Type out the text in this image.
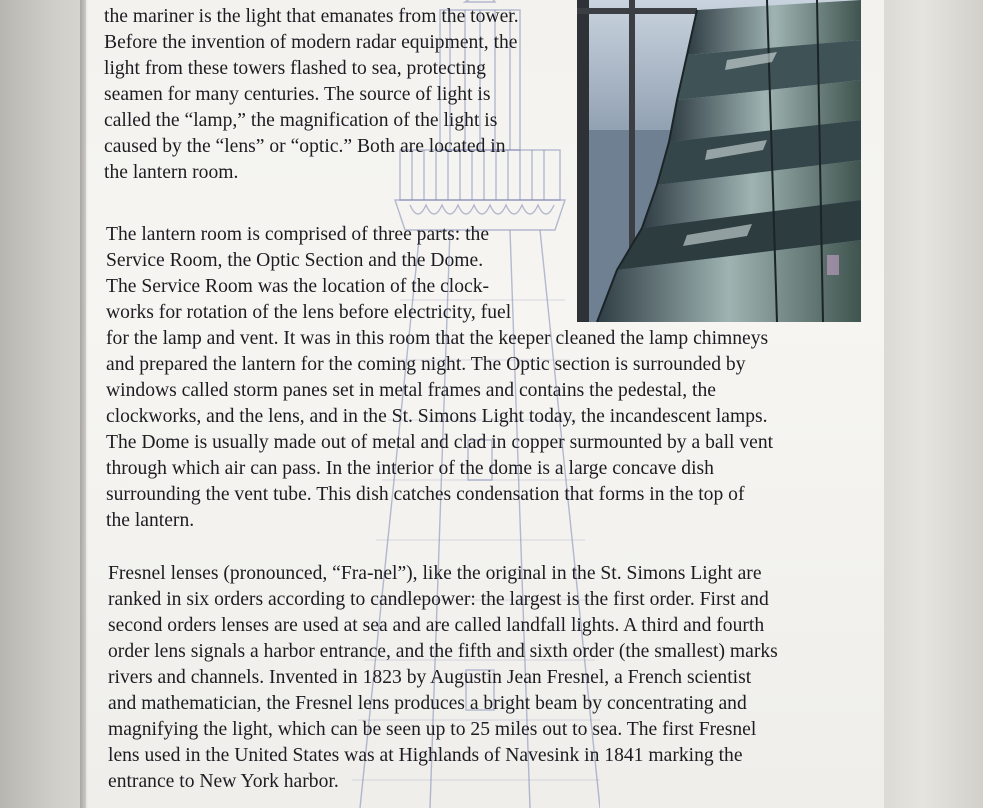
the mariner is the light that emanates from the tower.
Before the invention of modern radar equipment, the
light from these towers flashed to sea, protecting
seamen for many centuries. The source of light is
called the “lamp,” the magnification of the light is
caused by the “lens” or “optic.” Both are located in
the lantern room.

The lantern room is comprised of three parts: the
Service Room, the Optic Section and the Dome.
The Service Room was the location of the clock-
works for rotation of the lens before electricity, fuel
for the lamp and vent. It was in this room that the keeper cleaned the lamp chimneys
and prepared the lantern for the coming night. The Optic section is surrounded by
windows called storm panes set in metal frames and contains the pedestal, the
clockworks, and the lens, and in the St. Simons Light today, the incandescent lamps.
The Dome is usually made out of metal and clad in copper surmounted by a ball vent
through which air can pass. In the interior of the dome is a large concave dish
surrounding the vent tube. This dish catches condensation that forms in the top of
the lantern.

Fresnel lenses (pronounced, “Fra-nel”), like the original in the St. Simons Light are
ranked in six orders according to candlepower: the largest is the first order. First and
second orders lenses are used at sea and are called landfall lights. A third and fourth
order lens signals a harbor entrance, and the fifth and sixth order (the smallest) marks
rivers and channels. Invented in 1823 by Augustin Jean Fresnel, a French scientist
and mathematician, the Fresnel lens produces a bright beam by concentrating and
magnifying the light, which can be seen up to 25 miles out to sea. The first Fresnel
lens used in the United States was at Highlands of Navesink in 1841 marking the
entrance to New York harbor.
